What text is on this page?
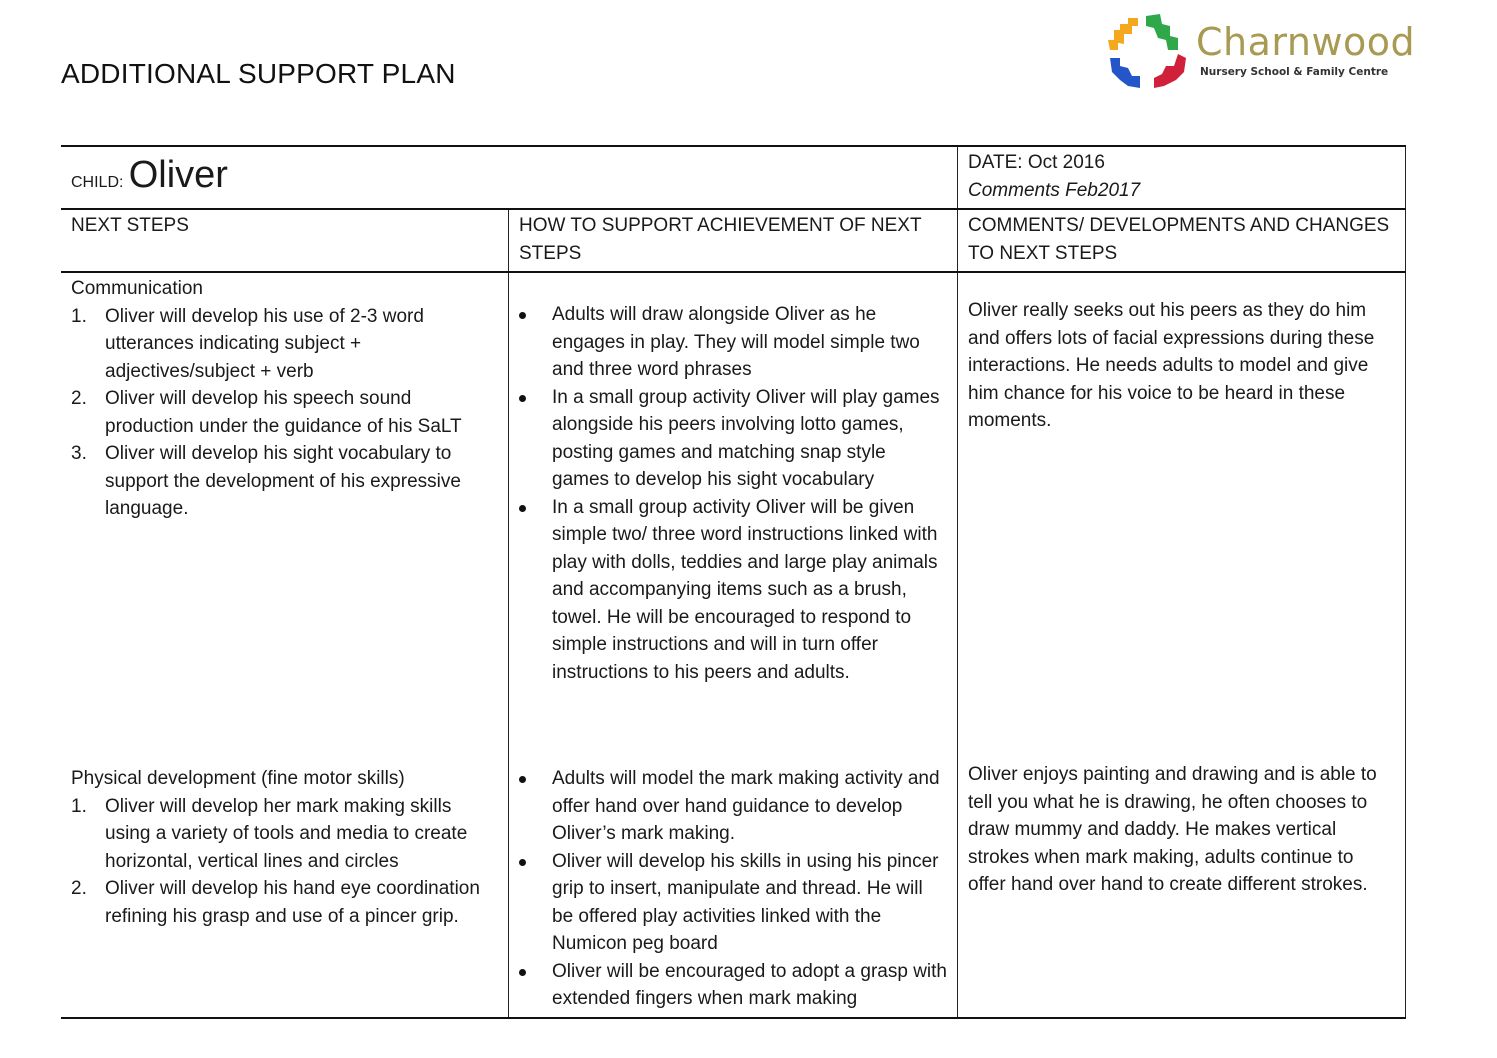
ADDITIONAL SUPPORT PLAN
Charnwood
Nursery School & Family Centre
CHILD: Oliver	DATE: Oct 2016
Comments Feb2017
NEXT STEPS	HOW TO SUPPORT ACHIEVEMENT OF NEXT STEPS
COMMENTS/ DEVELOPMENTS AND CHANGES TO NEXT STEPS
Communication
1. Oliver will develop his use of 2-3 word utterances indicating subject + adjectives/subject + verb
2. Oliver will develop his speech sound production under the guidance of his SaLT
3. Oliver will develop his sight vocabulary to support the development of his expressive language.
Physical development (fine motor skills)
1. Oliver will develop her mark making skills using a variety of tools and media to create horizontal, vertical lines and circles
2. Oliver will develop his hand eye coordination refining his grasp and use of a pincer grip.
Adults will draw alongside Oliver as he engages in play. They will model simple two and three word phrases
In a small group activity Oliver will play games alongside his peers involving lotto games, posting games and matching snap style games to develop his sight vocabulary
In a small group activity Oliver will be given simple two/ three word instructions linked with play with dolls, teddies and large play animals and accompanying items such as a brush, towel. He will be encouraged to respond to simple instructions and will in turn offer instructions to his peers and adults.
Adults will model the mark making activity and offer hand over hand guidance to develop Oliver’s mark making.
Oliver will develop his skills in using his pincer grip to insert, manipulate and thread. He will be offered play activities linked with the Numicon peg board
Oliver will be encouraged to adopt a grasp with extended fingers when mark making
Oliver really seeks out his peers as they do him and offers lots of facial expressions during these interactions. He needs adults to model and give him chance for his voice to be heard in these moments.
Oliver enjoys painting and drawing and is able to tell you what he is drawing, he often chooses to draw mummy and daddy. He makes vertical strokes when mark making, adults continue to offer hand over hand to create different strokes.
